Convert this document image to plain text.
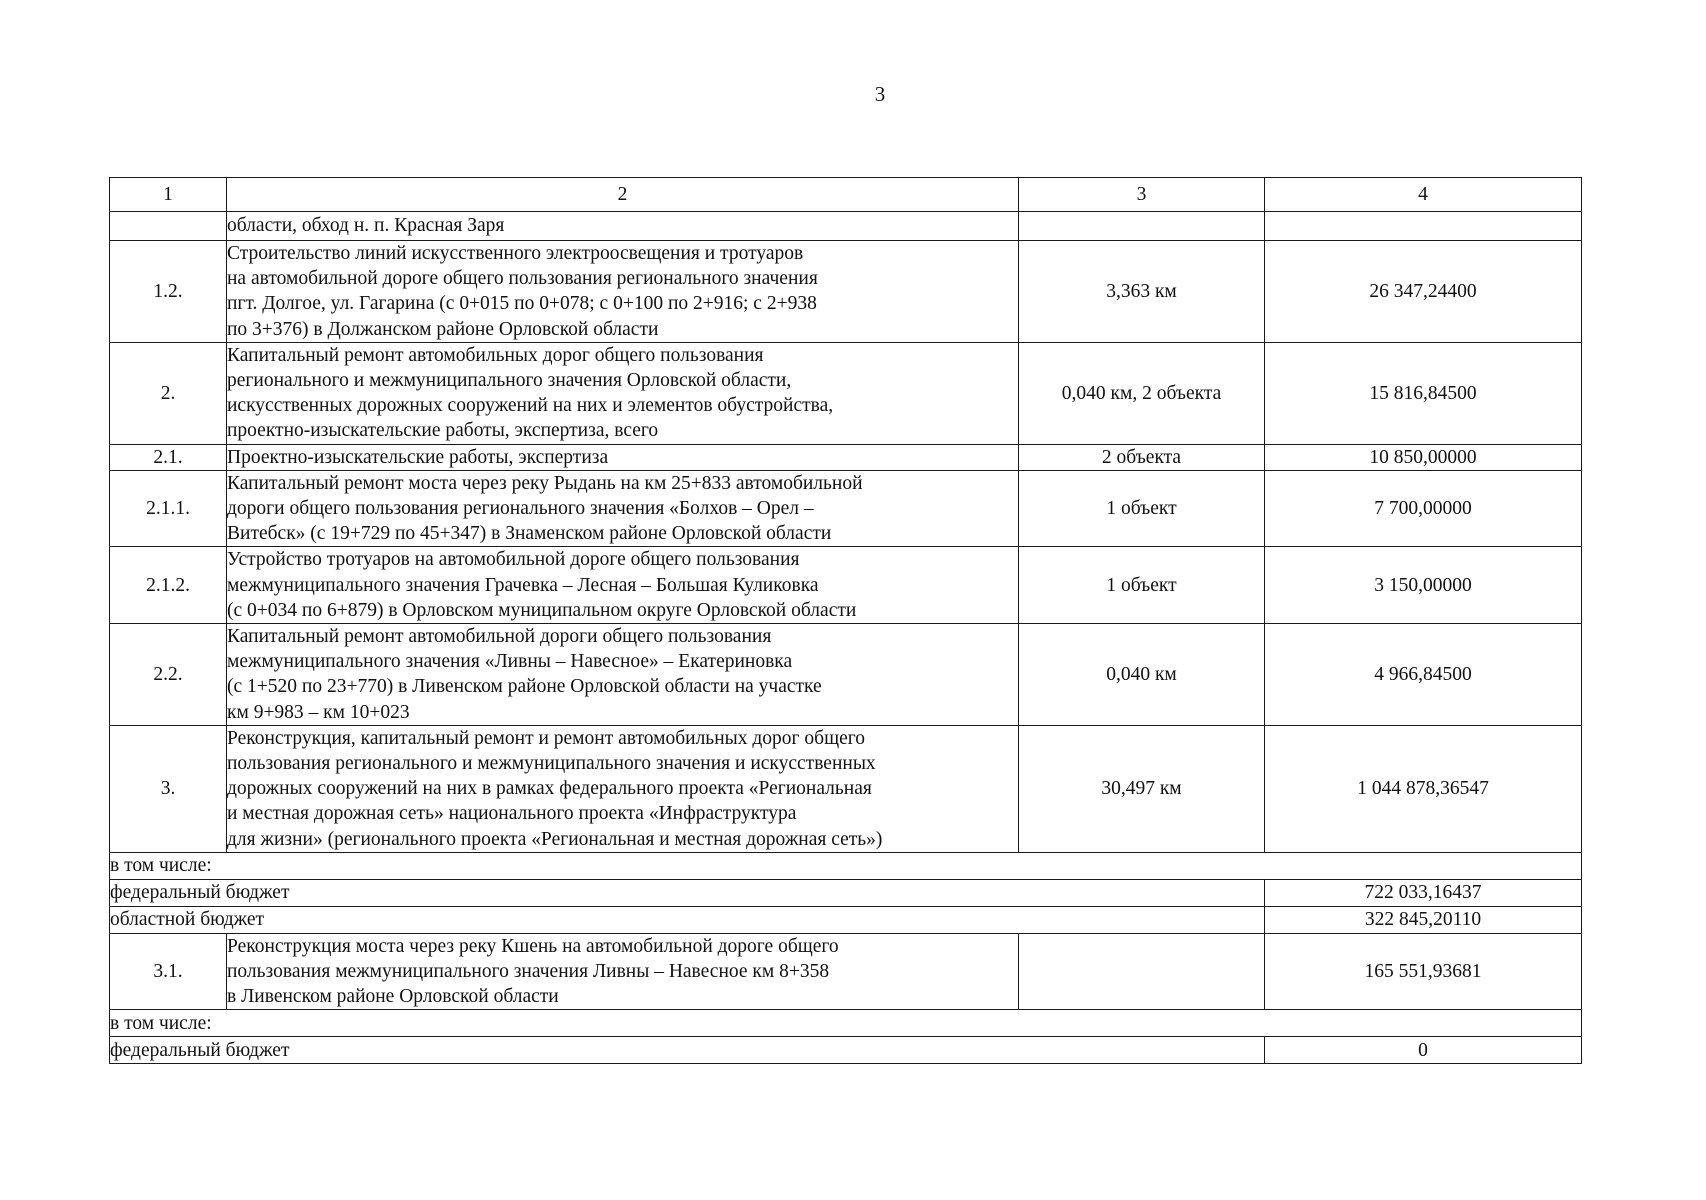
3
1	2	3	4

	области, обход н. п. Красная Заря		

1.2.	Строительство линий искусственного электроосвещения и тротуаров
на автомобильной дороге общего пользования регионального значения
пгт. Долгое, ул. Гагарина (с 0+015 по 0+078; с 0+100 по 2+916; с 2+938
по 3+376) в Должанском районе Орловской области	3,363 км	26 347,24400
2.	Капитальный ремонт автомобильных дорог общего пользования
регионального и межмуниципального значения Орловской области,
искусственных дорожных сооружений на них и элементов обустройства,
проектно-изыскательские работы, экспертиза, всего	0,040 км, 2 объекта	15 816,84500
2.1.	Проектно-изыскательские работы, экспертиза	2 объекта	10 850,00000
2.1.1.	Капитальный ремонт моста через реку Рыдань на км 25+833 автомобильной
дороги общего пользования регионального значения «Болхов – Орел –
Витебск» (с 19+729 по 45+347) в Знаменском районе Орловской области	1 объект	7 700,00000
2.1.2.	Устройство тротуаров на автомобильной дороге общего пользования
межмуниципального значения Грачевка – Лесная – Большая Куликовка
(с 0+034 по 6+879) в Орловском муниципальном округе Орловской области	1 объект	3 150,00000
2.2.	Капитальный ремонт автомобильной дороги общего пользования
межмуниципального значения «Ливны – Навесное» – Екатериновка
(с 1+520 по 23+770) в Ливенском районе Орловской области на участке
км 9+983 – км 10+023	0,040 км	4 966,84500
3.	Реконструкция, капитальный ремонт и ремонт автомобильных дорог общего
пользования регионального и межмуниципального значения и искусственных
дорожных сооружений на них в рамках федерального проекта «Региональная
и местная дорожная сеть» национального проекта «Инфраструктура
для жизни» (регионального проекта «Региональная и местная дорожная сеть»)	30,497 км	1 044 878,36547
в том числе:			
федеральный бюджет			722 033,16437
областной бюджет			322 845,20110
3.1.	Реконструкция моста через реку Кшень на автомобильной дороге общего
пользования межмуниципального значения Ливны – Навесное км 8+358
в Ливенском районе Орловской области		165 551,93681
в том числе:			
федеральный бюджет			0
